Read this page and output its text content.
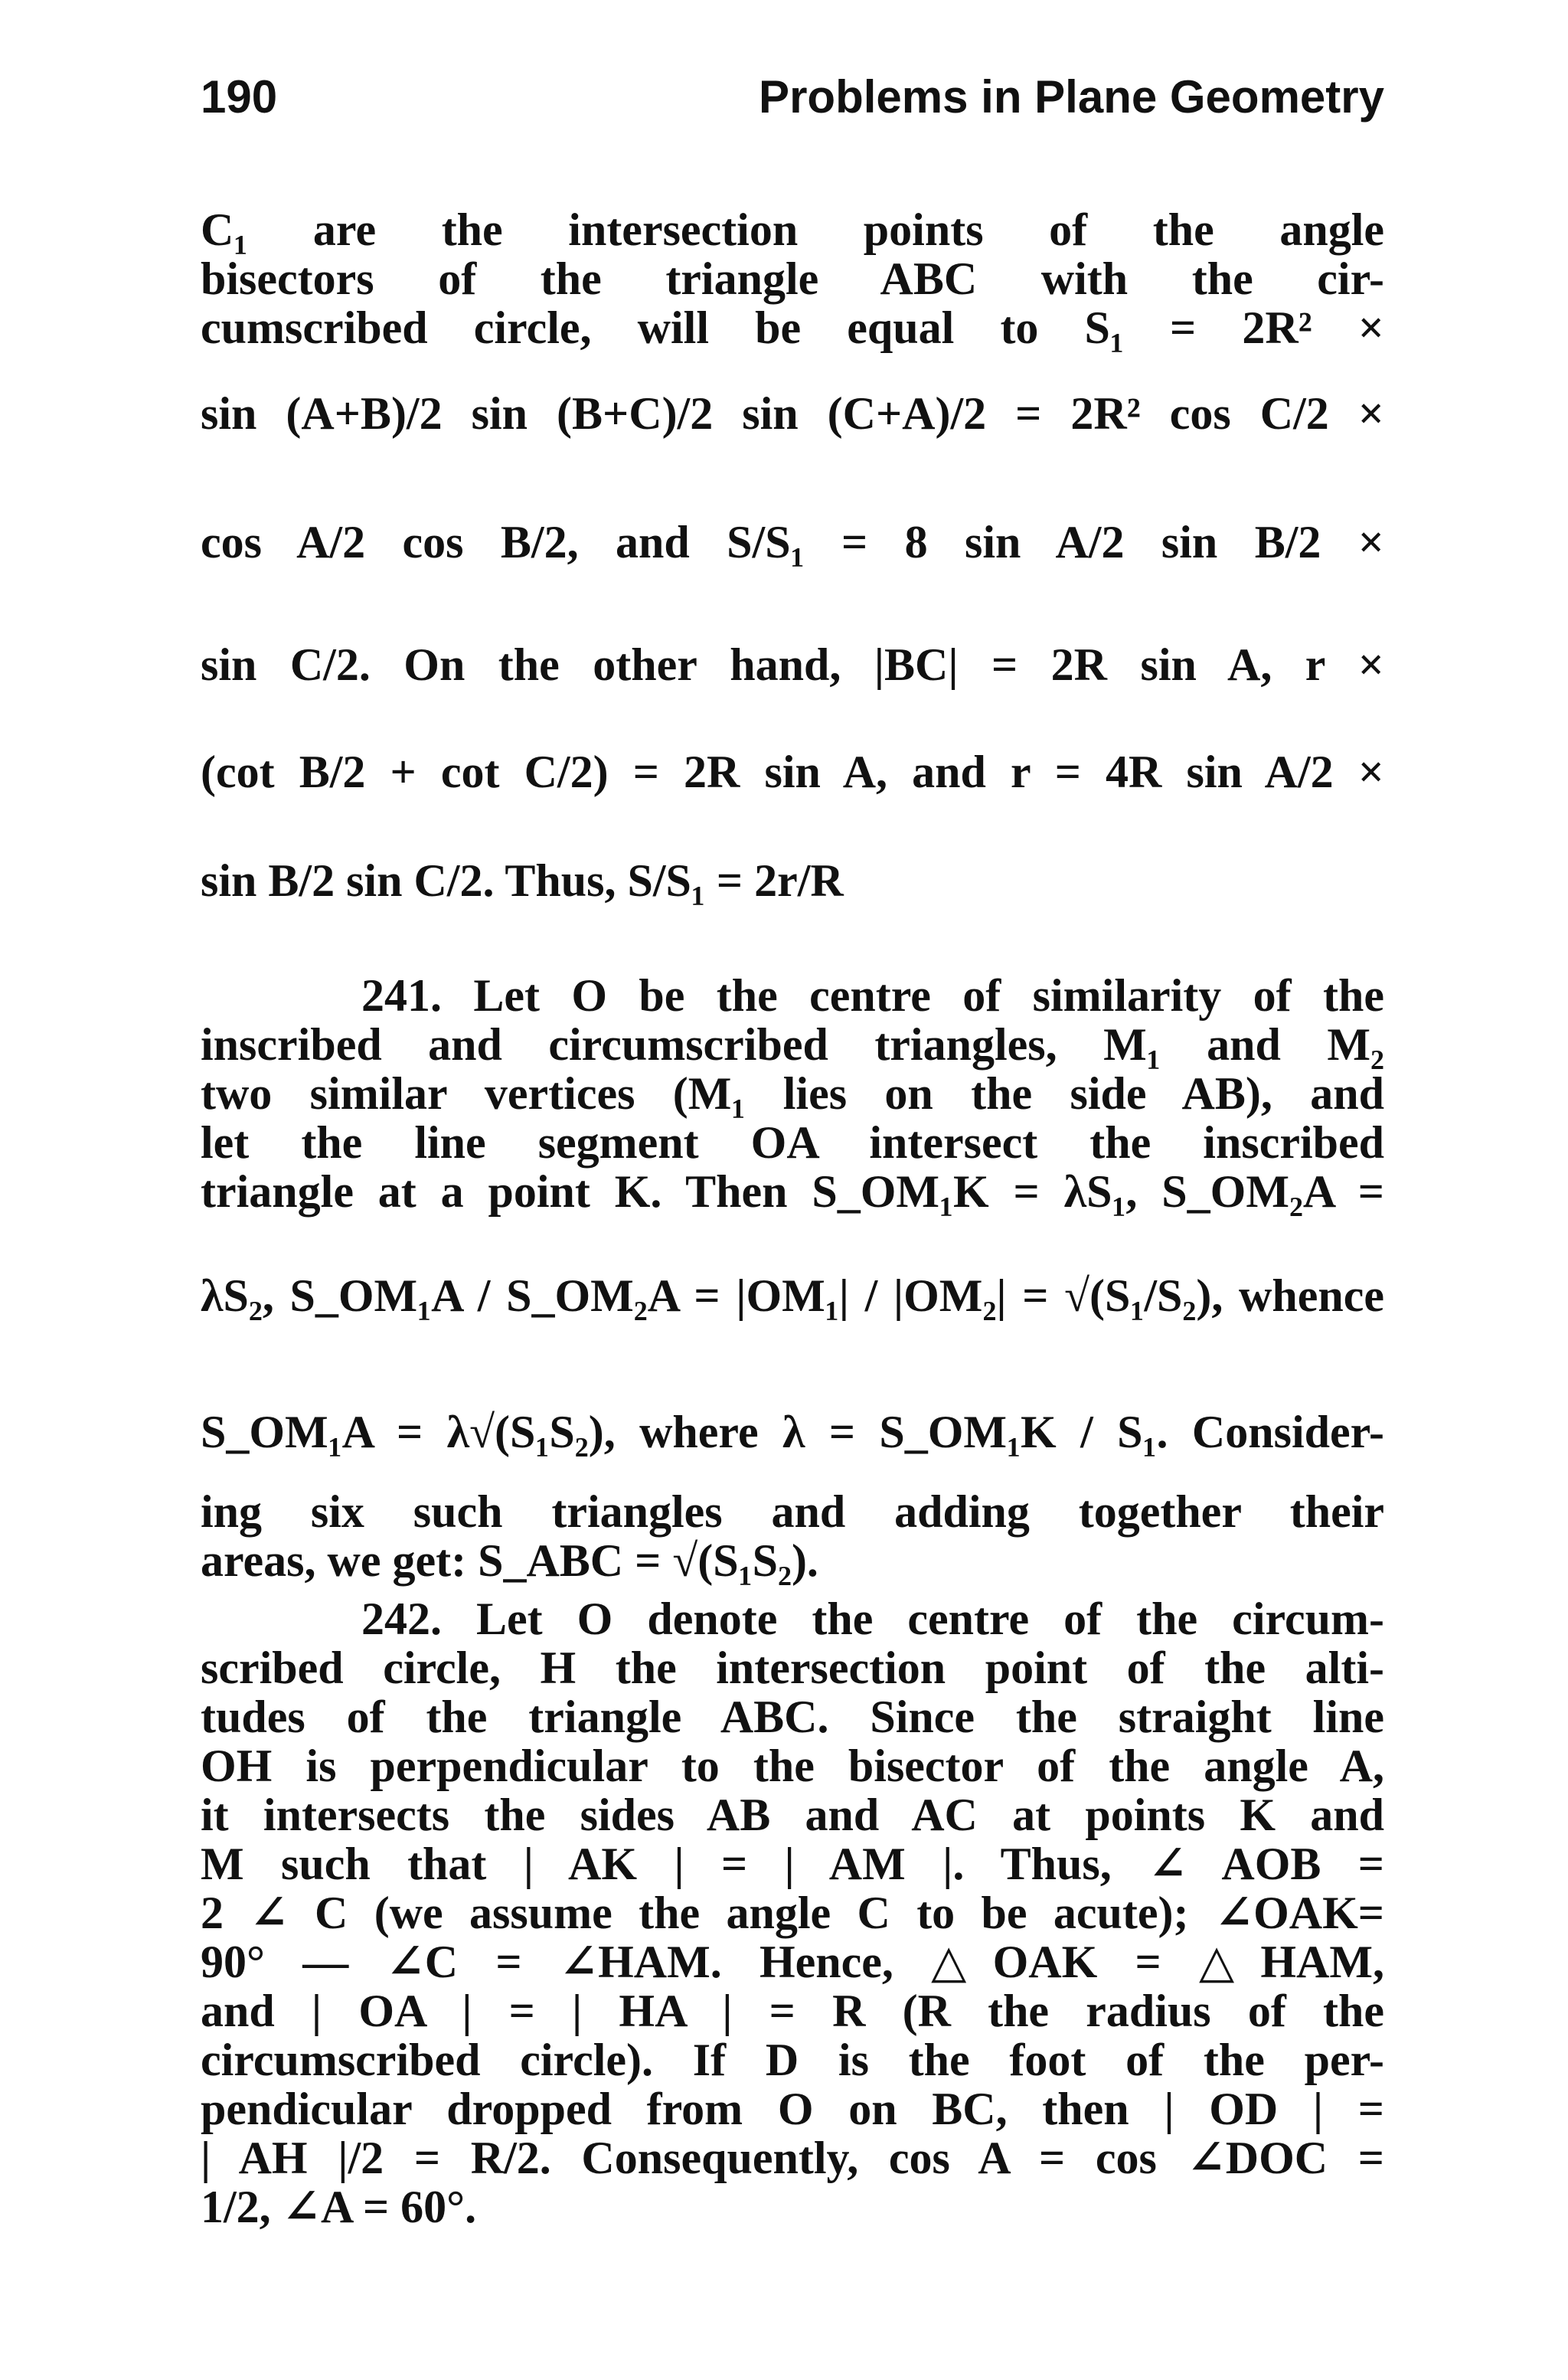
190	Problems in Plane Geometry
C₁ are the intersection points of the angle
bisectors of the triangle ABC with the cir-
cumscribed circle, will be equal to S₁ = 2R² ×
sin (A+B)/2 sin (B+C)/2 sin (C+A)/2 = 2R² cos C/2 ×
cos A/2 cos B/2, and S/S₁ = 8 sin A/2 sin B/2 ×
sin C/2. On the other hand, |BC| = 2R sin A, r ×
(cot B/2 + cot C/2) = 2R sin A, and r = 4R sin A/2 ×
sin B/2 sin C/2. Thus, S/S₁ = 2r/R
241. Let O be the centre of similarity of the
inscribed and circumscribed triangles, M₁ and M₂
two similar vertices (M₁ lies on the side AB), and
let the line segment OA intersect the inscribed
triangle at a point K. Then S_OM₁K = λS₁, S_OM₂A =
λS₂, S_OM₁A / S_OM₂A = |OM₁| / |OM₂| = √(S₁/S₂), whence
S_OM₁A = λ√(S₁S₂), where λ = S_OM₁K / S₁. Consider-
ing six such triangles and adding together their
areas, we get: S_ABC = √(S₁S₂).
242. Let O denote the centre of the circum-
scribed circle, H the intersection point of the alti-
tudes of the triangle ABC. Since the straight line
OH is perpendicular to the bisector of the angle A,
it intersects the sides AB and AC at points K and
M such that | AK | = | AM |. Thus, ∠ AOB =
2 ∠ C (we assume the angle C to be acute); ∠OAK=
90° — ∠C = ∠HAM. Hence, △OAK = △HAM,
and | OA | = | HA | = R (R the radius of the
circumscribed circle). If D is the foot of the per-
pendicular dropped from O on BC, then | OD | =
| AH |/2 = R/2. Consequently, cos A = cos ∠DOC =
1/2, ∠A = 60°.
